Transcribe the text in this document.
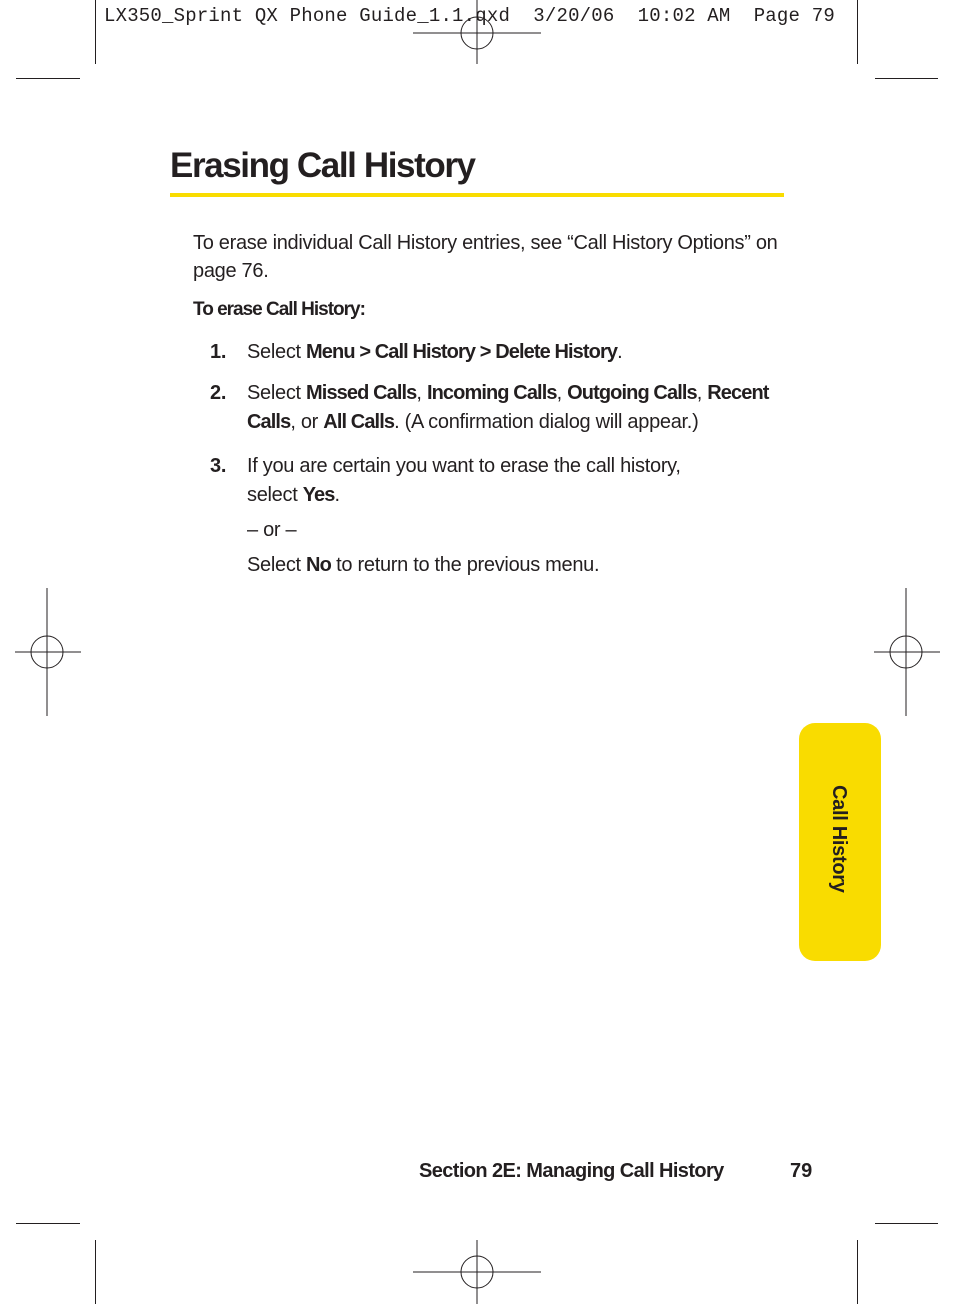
LX350_Sprint QX Phone Guide_1.1.qxd  3/20/06  10:02 AM  Page 79
Erasing Call History

To erase individual Call History entries, see “Call History Options” on page 76.

To erase Call History:
1. Select Menu > Call History > Delete History.
2. Select Missed Calls, Incoming Calls, Outgoing Calls, Recent Calls, or All Calls. (A confirmation dialog will appear.)
3. If you are certain you want to erase the call history, select Yes.
– or –
Select No to return to the previous menu.
Call History
Section 2E: Managing Call History	79
